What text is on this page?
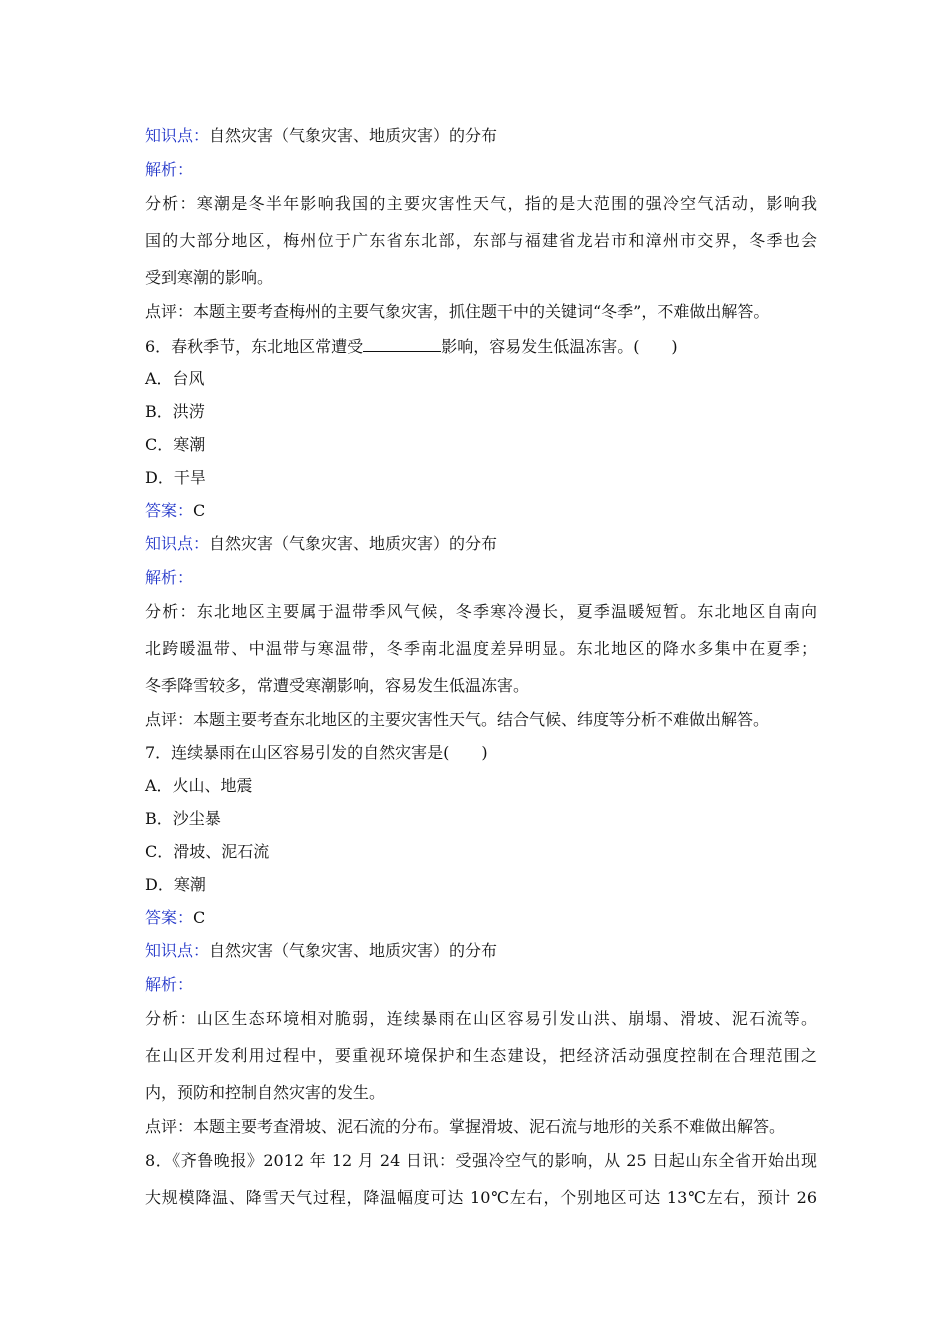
知识点：自然灾害（气象灾害、地质灾害）的分布
解析：
分析：寒潮是冬半年影响我国的主要灾害性天气，指的是大范围的强冷空气活动，影响我
国的大部分地区，梅州位于广东省东北部，东部与福建省龙岩市和漳州市交界，冬季也会
受到寒潮的影响。
点评：本题主要考查梅州的主要气象灾害，抓住题干中的关键词“冬季”，不难做出解答。
6．春秋季节，东北地区常遭受	影响，容易发生低温冻害。(　　)
A．台风
B．洪涝
C．寒潮
D．干旱
答案：C
知识点：自然灾害（气象灾害、地质灾害）的分布
解析：
分析：东北地区主要属于温带季风气候，冬季寒冷漫长，夏季温暖短暂。东北地区自南向
北跨暖温带、中温带与寒温带，冬季南北温度差异明显。东北地区的降水多集中在夏季；
冬季降雪较多，常遭受寒潮影响，容易发生低温冻害。
点评：本题主要考查东北地区的主要灾害性天气。结合气候、纬度等分析不难做出解答。
7．连续暴雨在山区容易引发的自然灾害是(　　)
A．火山、地震
B．沙尘暴
C．滑坡、泥石流
D．寒潮
答案：C
知识点：自然灾害（气象灾害、地质灾害）的分布
解析：
分析：山区生态环境相对脆弱，连续暴雨在山区容易引发山洪、崩塌、滑坡、泥石流等。
在山区开发利用过程中，要重视环境保护和生态建设，把经济活动强度控制在合理范围之
内，预防和控制自然灾害的发生。
点评：本题主要考查滑坡、泥石流的分布。掌握滑坡、泥石流与地形的关系不难做出解答。
8．《齐鲁晚报》2012 年 12 月 24 日讯：受强冷空气的影响，从 25 日起山东全省开始出现
大规模降温、降雪天气过程，降温幅度可达 10℃左右，个别地区可达 13℃左右，预计 26
